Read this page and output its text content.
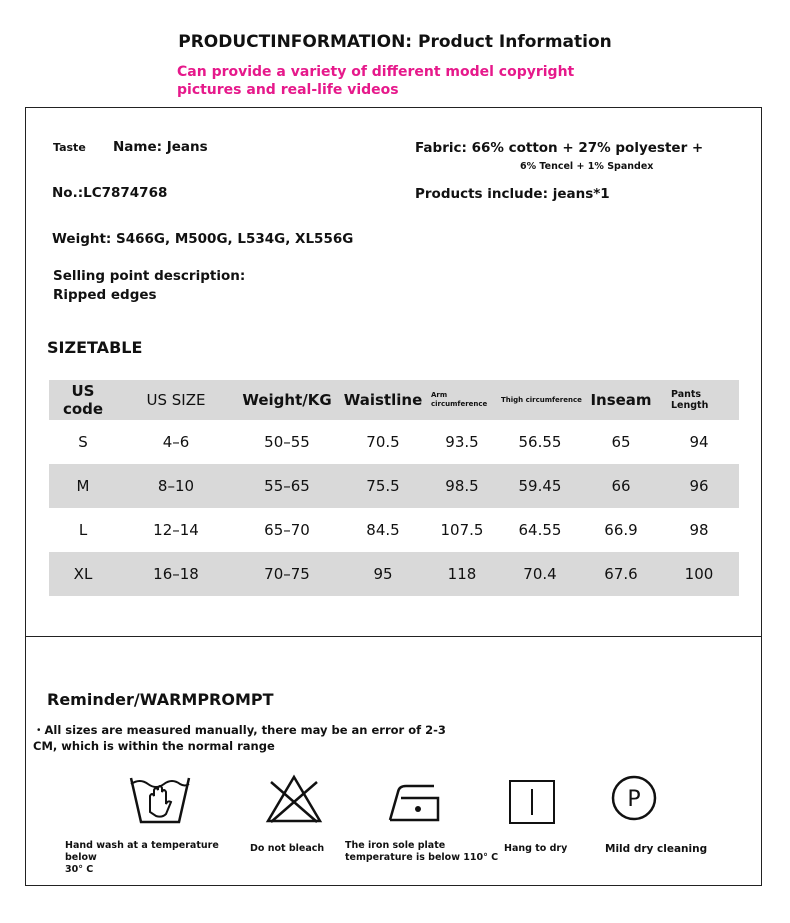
PRODUCTINFORMATION: Product Information
Can provide a variety of different model copyright
pictures and real-life videos
Taste Name: Jeans	Fabric: 66% cotton + 27% polyester +
6% Tencel + 1% Spandex
No.:LC7874768	Products include: jeans*1
Weight: S466G, M500G, L534G, XL556G
Selling point description:
Ripped edges
SIZETABLE
US code	US SIZE	Weight/KG	Waistline	Arm circumference	Thigh circumference	Inseam	Pants Length

S	4–6	50–55	70.5	93.5	56.55	65	94
M	8–10	55–65	75.5	98.5	59.45	66	96
L	12–14	65–70	84.5	107.5	64.55	66.9	98
XL	16–18	70–75	95	118	70.4	67.6	100
Reminder/WARMPROMPT
・All sizes are measured manually, there may be an error of 2-3
CM, which is within the normal range
P
Hand wash at a temperature below
30° C
Do not bleach	The iron sole plate
temperature is below 110° C
Hang to dry	Mild dry cleaning
